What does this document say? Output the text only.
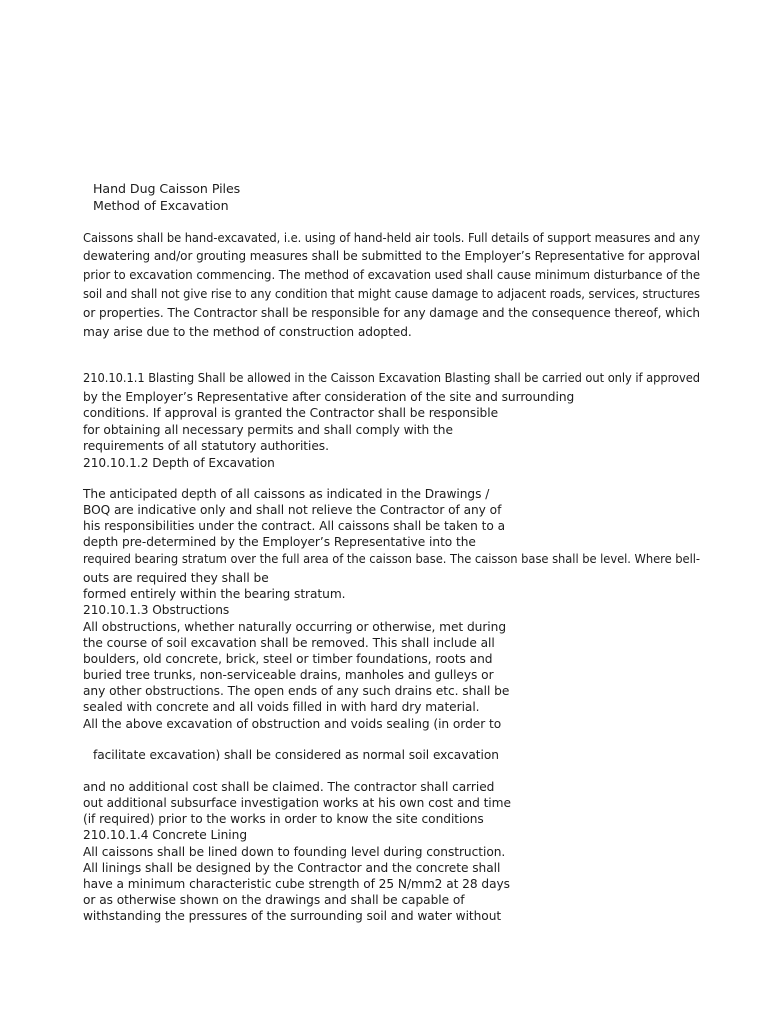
Hand Dug Caisson Piles

Method of Excavation

Caissons shall be hand-excavated, i.e. using of hand-held air tools. Full details of support measures and any

dewatering and/or grouting measures shall be submitted to the Employer’s Representative for approval

prior to excavation commencing. The method of excavation used shall cause minimum disturbance of the

soil and shall not give rise to any condition that might cause damage to adjacent roads, services, structures

or properties. The Contractor shall be responsible for any damage and the consequence thereof, which

may arise due to the method of construction adopted.

210.10.1.1 Blasting Shall be allowed in the Caisson Excavation Blasting shall be carried out only if approved

by the Employer’s Representative after consideration of the site and surrounding

conditions. If approval is granted the Contractor shall be responsible

for obtaining all necessary permits and shall comply with the

requirements of all statutory authorities.

210.10.1.2 Depth of Excavation

The anticipated depth of all caissons as indicated in the Drawings /

BOQ are indicative only and shall not relieve the Contractor of any of

his responsibilities under the contract. All caissons shall be taken to a

depth pre-determined by the Employer’s Representative into the

required bearing stratum over the full area of the caisson base. The caisson base shall be level. Where bell-

outs are required they shall be

formed entirely within the bearing stratum.

210.10.1.3 Obstructions

All obstructions, whether naturally occurring or otherwise, met during

the course of soil excavation shall be removed. This shall include all

boulders, old concrete, brick, steel or timber foundations, roots and

buried tree trunks, non-serviceable drains, manholes and gulleys or

any other obstructions. The open ends of any such drains etc. shall be

sealed with concrete and all voids filled in with hard dry material.

All the above excavation of obstruction and voids sealing (in order to

facilitate excavation) shall be considered as normal soil excavation

and no additional cost shall be claimed. The contractor shall carried

out additional subsurface investigation works at his own cost and time

(if required) prior to the works in order to know the site conditions

210.10.1.4 Concrete Lining

All caissons shall be lined down to founding level during construction.

All linings shall be designed by the Contractor and the concrete shall

have a minimum characteristic cube strength of 25 N/mm2 at 28 days

or as otherwise shown on the drawings and shall be capable of

withstanding the pressures of the surrounding soil and water without
